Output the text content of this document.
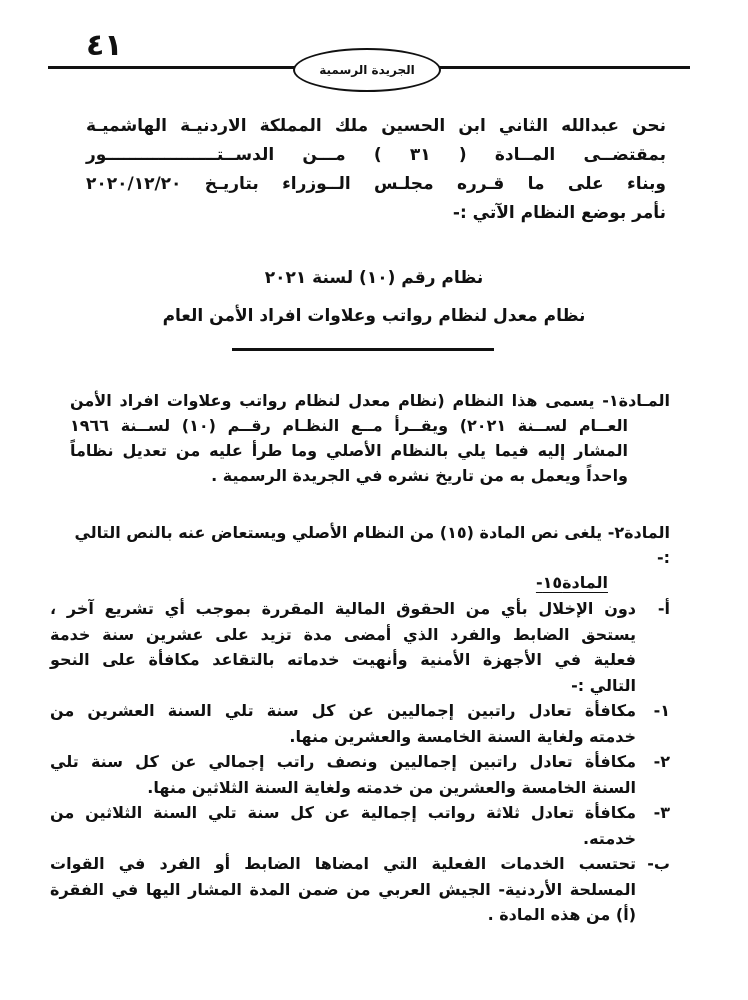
٤١
الجريدة الرسمية
نحن عبدالله الثاني ابن الحسين ملك المملكة الاردنيـة الهاشميـة
بمقتضــى المــادة ( ٣١ ) مـــن الدســتـــــــــــــــــــور
وبناء على ما قـرره مجلـس الــوزراء بتاريـخ ٢٠٢٠/١٢/٢٠
نأمر بوضع النظام الآتي :-
نظام رقم (١٠) لسنة ٢٠٢١
نظام معدل لنظام رواتب وعلاوات افراد الأمن العام

المـادة١- يسمى هذا النظام (نظام معدل لنظام رواتب وعلاوات افراد الأمن

العــام لســنة ٢٠٢١) ويقــرأ مــع النظـام رقــم (١٠) لســنة ١٩٦٦

المشار إليه فيما يلي بالنظام الأصلي وما طرأ عليه من تعديل نظاماً

واحداً ويعمل به من تاريخ نشره في الجريدة الرسمية .

المادة٢- يلغى نص المادة (١٥) من النظام الأصلي ويستعاض عنه بالنص التالي :-

المادة١٥-

أ-
دون الإخلال بأي من الحقوق المالية المقررة بموجب أي تشريع آخر ،
يستحق الضابط والفرد الذي أمضى مدة تزيد على عشرين سنة خدمة
فعلية في الأجهزة الأمنية وأنهيت خدماته بالتقاعد مكافأة على النحو
التالي :-
١-
مكافأة تعادل راتبين إجماليين عن كل سنة تلي السنة العشرين من
خدمته ولغاية السنة الخامسة والعشرين منها.
٢-
مكافأة تعادل راتبين إجماليين ونصف راتب إجمالي عن كل سنة تلي
السنة الخامسة والعشرين من خدمته ولغاية السنة الثلاثين منها.
٣-
مكافأة تعادل ثلاثة رواتب إجمالية عن كل سنة تلي السنة الثلاثين من
خدمته.
ب-
تحتسب الخدمات الفعلية التي امضاها الضابط أو الفرد في القوات
المسلحة الأردنية- الجيش العربي من ضمن المدة المشار اليها في الفقرة
(أ) من هذه المادة .
